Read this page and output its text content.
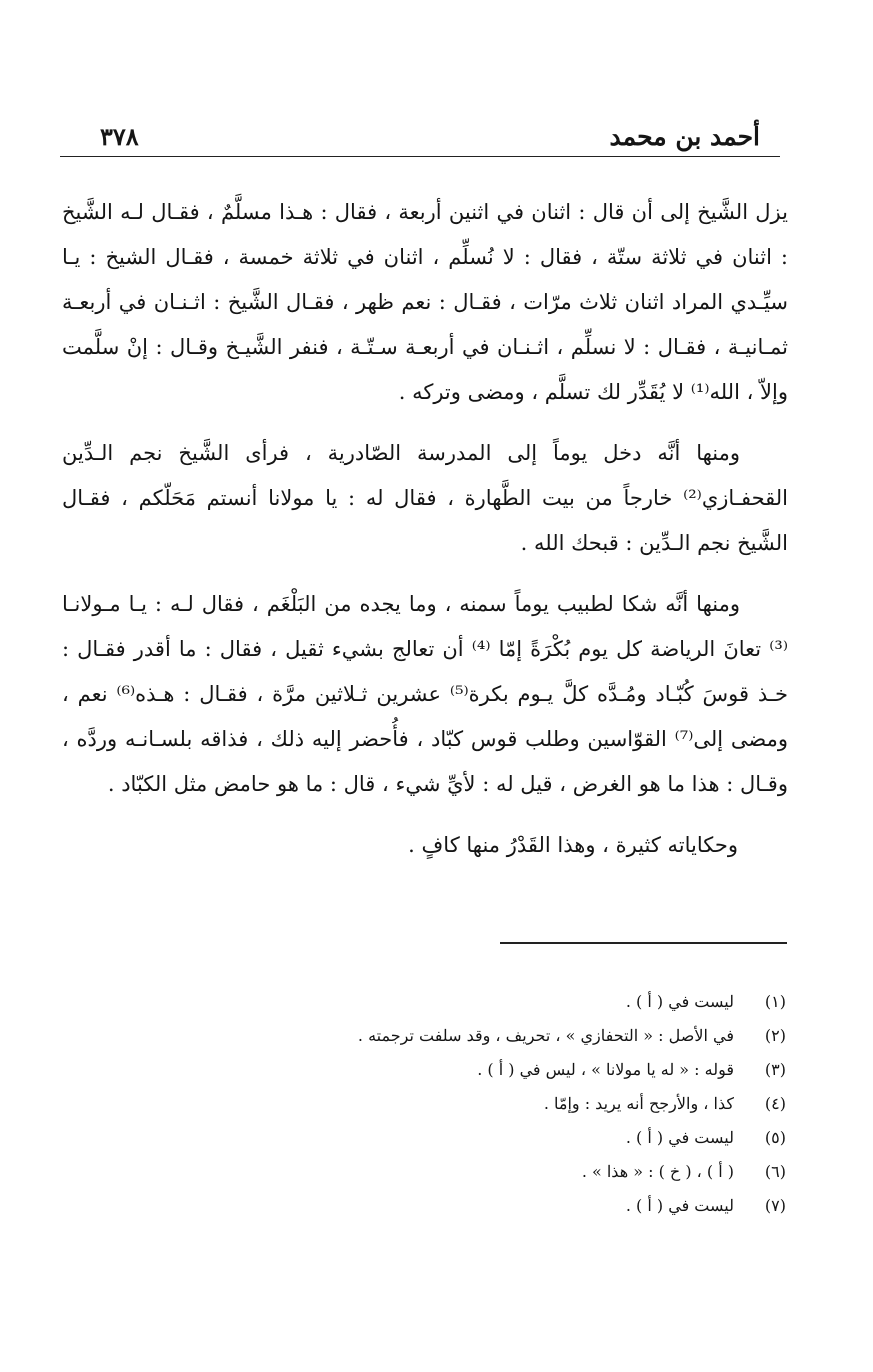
أحمد بن محمد
٣٧٨

يزل الشَّيخ إلى أن قال : اثنان في اثنين أربعة ، فقال : هـذا مسلَّمٌ ، فقـال لـه الشَّيخ : اثنان في ثلاثة ستّة ، فقال : لا نُسلِّم ، اثنان في ثلاثة خمسة ، فقـال الشيخ : يـا سيِّـدي المراد اثنان ثلاث مرّات ، فقـال : نعم ظهر ، فقـال الشَّيخ : اثـنـان في أربعـة ثمـانيـة ، فقـال : لا نسلِّم ، اثـنـان في أربعـة سـتّـة ، فنفر الشَّيـخ وقـال : إنْ سلَّمت وإلاّ ، الله⁽¹⁾ لا يُقَدِّر لك تسلَّم ، ومضى وتركه .

ومنها أنَّه دخل يوماً إلى المدرسة الصّادرية ، فرأى الشَّيخ نجم الـدِّين القحفـازي⁽²⁾ خارجاً من بيت الطَّهارة ، فقال له : يا مولانا أنستم مَحَلّكم ، فقـال الشَّيخ نجم الـدِّين : قبحك الله .

ومنها أنَّه شكا لطبيب يوماً سمنه ، وما يجده من البَلْغَم ، فقال لـه : يـا مـولانـا ⁽³⁾ تعانَ الرياضة كل يوم بُكْرَةً إمّا ⁽⁴⁾ أن تعالج بشيء ثقيل ، فقال : ما أقدر فقـال : خـذ قوسَ كُبّـاد ومُـدَّه كلَّ يـوم بكرة⁽⁵⁾ عشرين ثـلاثين مرَّة ، فقـال : هـذه⁽⁶⁾ نعم ، ومضى إلى⁽⁷⁾ القوّاسين وطلب قوس كبّاد ، فأُحضر إليه ذلك ، فذاقه بلسـانـه وردَّه ، وقـال : هذا ما هو الغرض ، قيل له : لأيِّ شيء ، قال : ما هو حامض مثل الكبّاد .

وحكاياته كثيرة ، وهذا القَدْرُ منها كافٍ .

(١)
ليست في ( أ ) .
(٢)
في الأصل : « التحفازي » ، تحريف ، وقد سلفت ترجمته .
(٣)
قوله : « له يا مولانا » ، ليس في ( أ ) .
(٤)
كذا ، والأرجح أنه يريد : وإمّا .
(٥)
ليست في ( أ ) .
(٦)
( أ ) ، ( خ ) : « هذا » .
(٧)
ليست في ( أ ) .
